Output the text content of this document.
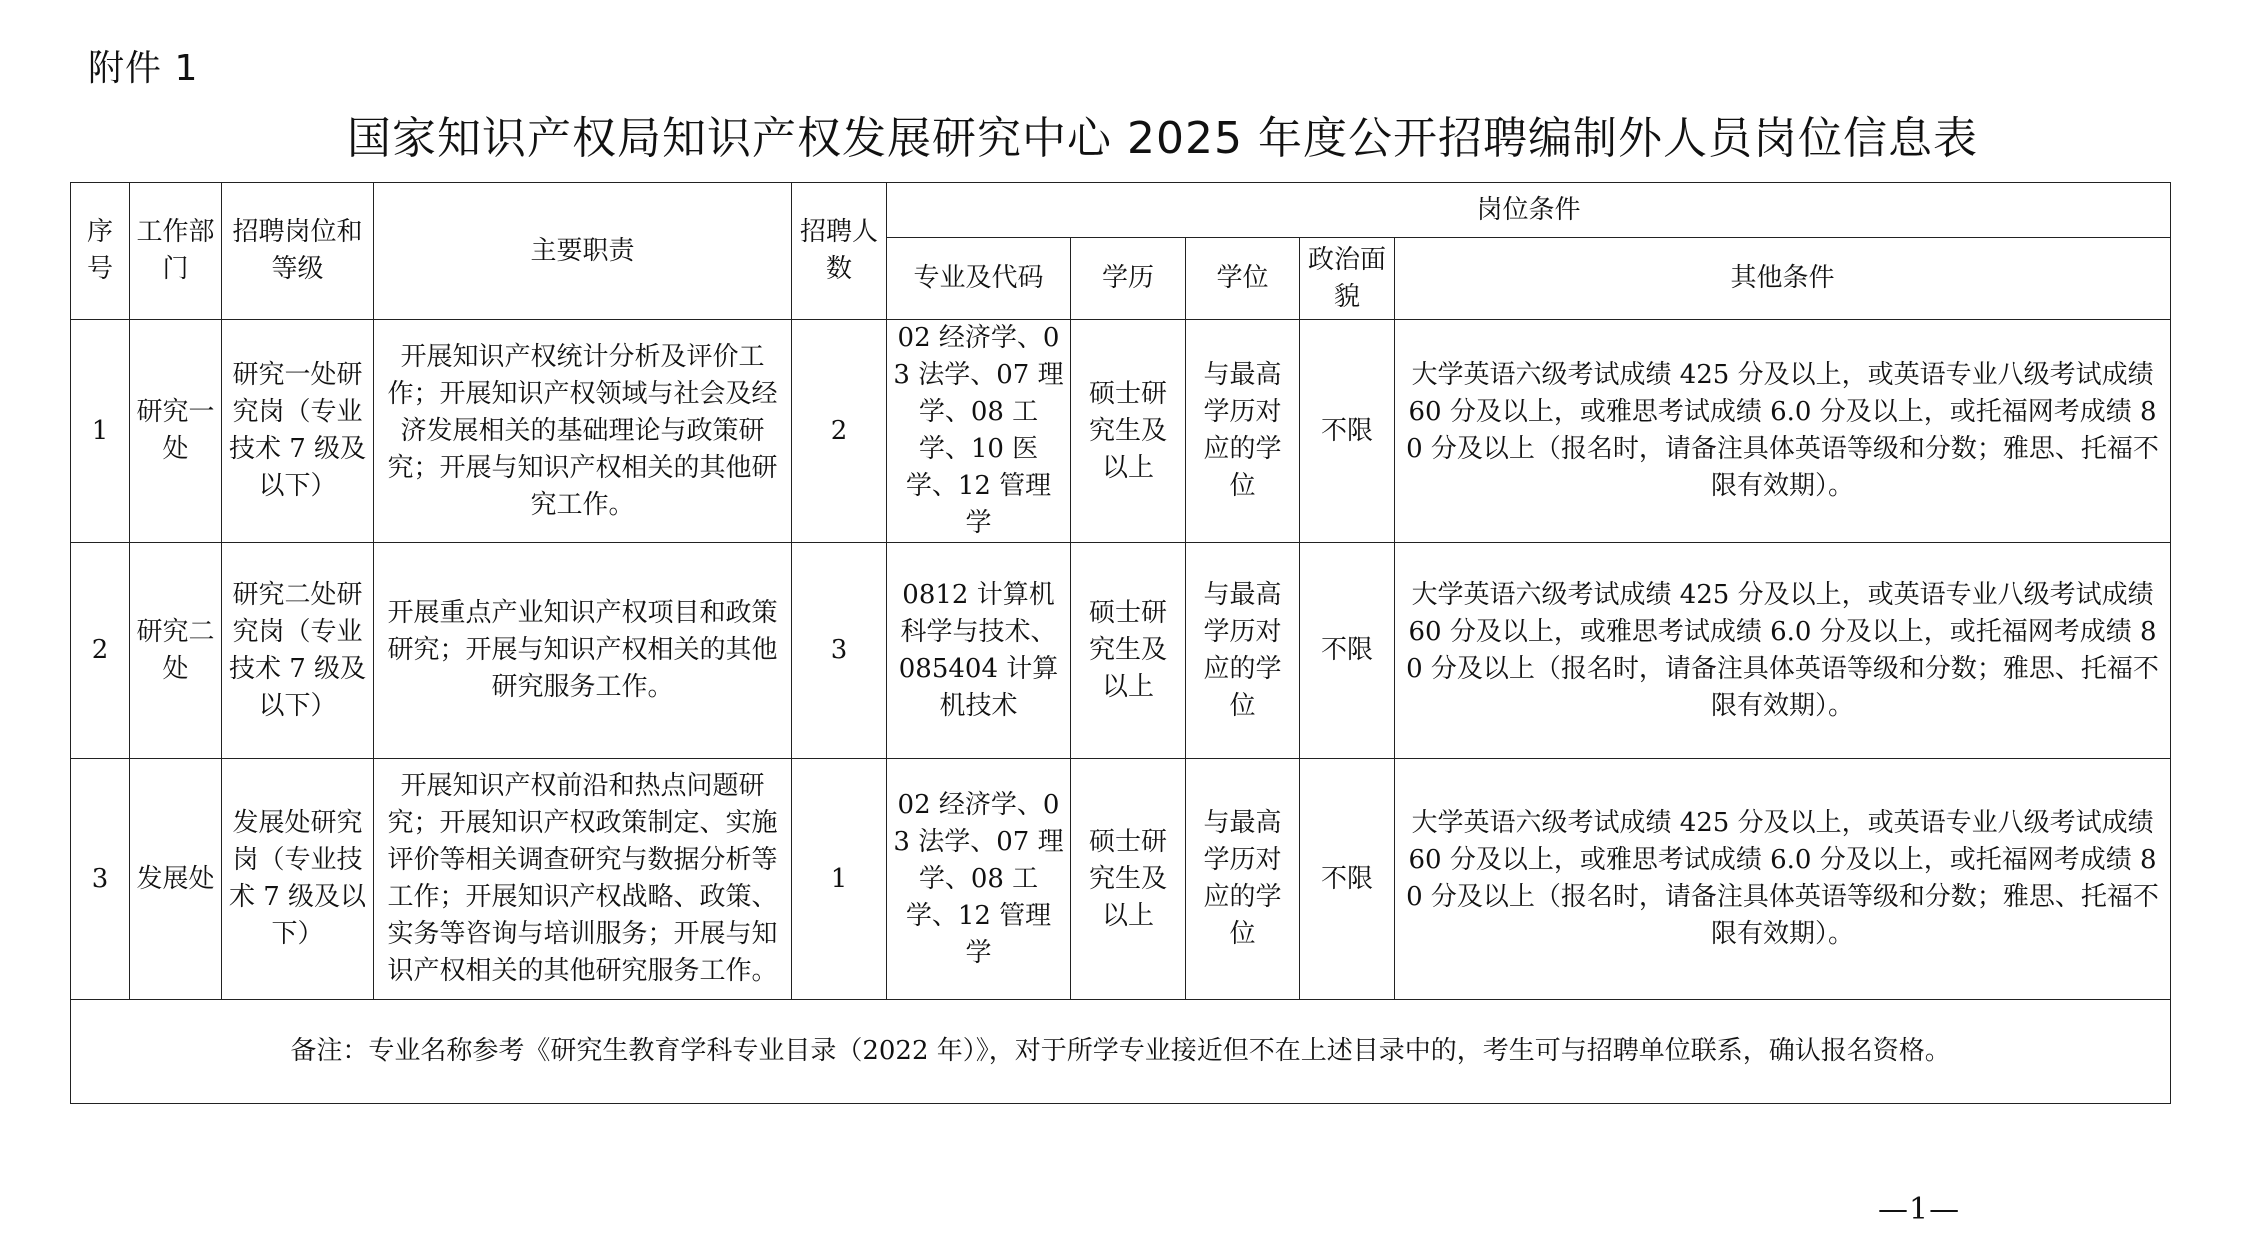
附件 1
国家知识产权局知识产权发展研究中心 2025 年度公开招聘编制外人员岗位信息表
序号	工作部门	招聘岗位和等级	主要职责	招聘人数	岗位条件				
					专业及代码	学历	学位	政治面貌	其他条件
1	研究一处	研究一处研究岗（专业技术 7 级及以下）	开展知识产权统计分析及评价工作；开展知识产权领域与社会及经济发展相关的基础理论与政策研究；开展与知识产权相关的其他研究工作。	2	02 经济学、03 法学、07 理学、08 工学、10 医学、12 管理学	硕士研究生及以上	与最高学历对应的学位	不限	大学英语六级考试成绩 425 分及以上，或英语专业八级考试成绩 60 分及以上，或雅思考试成绩 6.0 分及以上，或托福网考成绩 80 分及以上（报名时，请备注具体英语等级和分数；雅思、托福不限有效期）。
2	研究二处	研究二处研究岗（专业技术 7 级及以下）	开展重点产业知识产权项目和政策研究；开展与知识产权相关的其他研究服务工作。	3	0812 计算机科学与技术、085404 计算机技术	硕士研究生及以上	与最高学历对应的学位	不限	大学英语六级考试成绩 425 分及以上，或英语专业八级考试成绩 60 分及以上，或雅思考试成绩 6.0 分及以上，或托福网考成绩 80 分及以上（报名时，请备注具体英语等级和分数；雅思、托福不限有效期）。
3	发展处	发展处研究岗（专业技术 7 级及以下）	开展知识产权前沿和热点问题研究；开展知识产权政策制定、实施评价等相关调查研究与数据分析等工作；开展知识产权战略、政策、实务等咨询与培训服务；开展与知识产权相关的其他研究服务工作。	1	02 经济学、03 法学、07 理学、08 工学、12 管理学	硕士研究生及以上	与最高学历对应的学位	不限	大学英语六级考试成绩 425 分及以上，或英语专业八级考试成绩 60 分及以上，或雅思考试成绩 6.0 分及以上，或托福网考成绩 80 分及以上（报名时，请备注具体英语等级和分数；雅思、托福不限有效期）。
备注：专业名称参考《研究生教育学科专业目录（2022 年）》，对于所学专业接近但不在上述目录中的，考生可与招聘单位联系，确认报名资格。									
—1—
